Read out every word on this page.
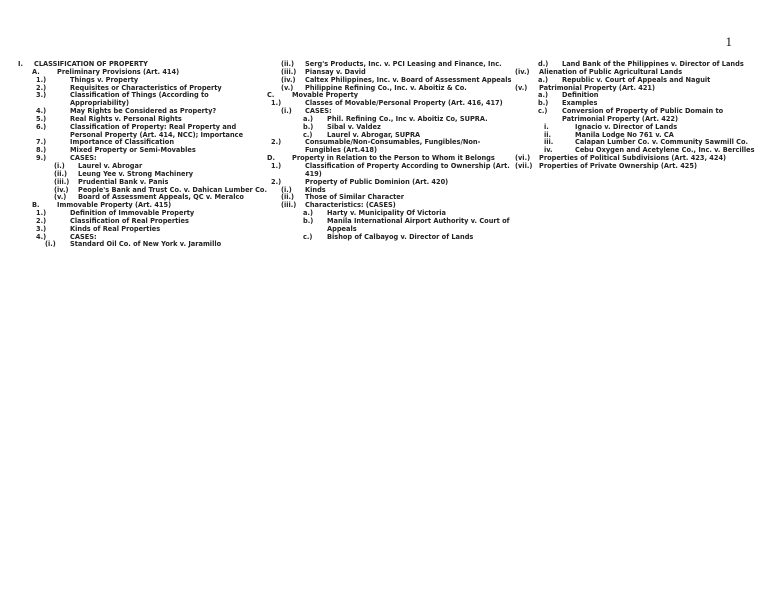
1
I.	CLASSIFICATION OF PROPERTY
A.	Preliminary Provisions (Art. 414)
1.)	Things v. Property
2.)	Requisites or Characteristics of Property
3.)	Classification of Things (According to Appropriability)
4.)	May Rights be Considered as Property?
5.)	Real Rights v. Personal Rights
6.)	Classification of Property: Real Property and Personal Property (Art. 414, NCC); Importance
7.)	Importance of Classification
8.)	Mixed Property or Semi-Movables
9.)	CASES:
(i.)	Laurel v. Abrogar
(ii.)	Leung Yee v. Strong Machinery
(iii.)	Prudential Bank v. Panis
(iv.)	People's Bank and Trust Co. v. Dahican Lumber Co.
(v.)	Board of Assessment Appeals, QC v. Meralco
B.	Immovable Property (Art. 415)
1.)	Definition of Immovable Property
2.)	Classification of Real Properties
3.)	Kinds of Real Properties
4.)	CASES:
(i.)	Standard Oil Co. of New York v. Jaramillo
(ii.)	Serg's Products, Inc. v. PCI Leasing and Finance, Inc.
(iii.)	Piansay v. David
(iv.)	Caltex Philippines, Inc. v. Board of Assessment Appeals
(v.)	Philippine Refining Co., Inc. v. Aboitiz & Co.
C.	Movable Property
1.)	Classes of Movable/Personal Property (Art. 416, 417)
(i.)	CASES:
a.)	Phil. Refining Co., Inc v. Aboitiz Co, SUPRA.
b.)	Sibal v. Valdez
c.)	Laurel v. Abrogar, SUPRA
2.)	Consumable/Non-Consumables, Fungibles/Non-Fungibles (Art.418)
D.	Property in Relation to the Person to Whom it Belongs
1.)	Classification of Property According to Ownership (Art. 419)
2.)	Property of Public Dominion (Art. 420)
(i.)	Kinds
(ii.)	Those of Similar Character
(iii.)	Characteristics: (CASES)
a.)	Harty v. Municipality Of Victoria
b.)	Manila International Airport Authority v. Court of Appeals
c.)	Bishop of Calbayog v. Director of Lands
d.)	Land Bank of the Philippines v. Director of Lands
(iv.)	Alienation of Public Agricultural Lands
a.)	Republic v. Court of Appeals and Naguit
(v.)	Patrimonial Property (Art. 421)
a.)	Definition
b.)	Examples
c.)	Conversion of Property of Public Domain to Patrimonial Property (Art. 422)
i.	Ignacio v. Director of Lands
ii.	Manila Lodge No 761 v. CA
iii.	Calapan Lumber Co. v. Community Sawmill Co.
iv.	Cebu Oxygen and Acetylene Co., Inc. v. Bercilles
(vi.)	Properties of Political Subdivisions (Art. 423, 424)
(vii.)	Properties of Private Ownership (Art. 425)
